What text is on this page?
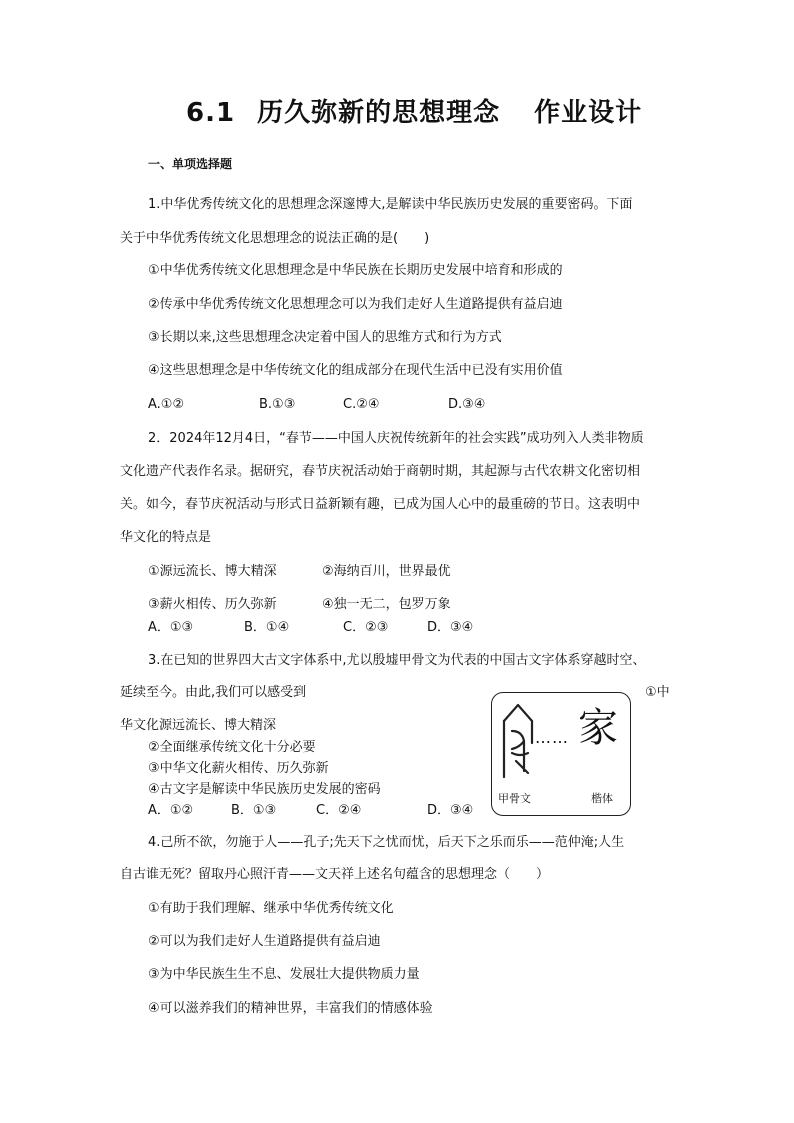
6.1 历久弥新的思想理念 作业设计
一、单项选择题
1.中华优秀传统文化的思想理念深邃博大,是解读中华民族历史发展的重要密码。下面
关于中华优秀传统文化思想理念的说法正确的是(　　)
①中华优秀传统文化思想理念是中华民族在长期历史发展中培育和形成的
②传承中华优秀传统文化思想理念可以为我们走好人生道路提供有益启迪
③长期以来,这些思想理念决定着中国人的思维方式和行为方式
④这些思想理念是中华传统文化的组成部分在现代生活中已没有实用价值
A.①②	B.①③	C.②④	D.③④
2．2024年12月4日，“春节——中国人庆祝传统新年的社会实践”成功列入人类非物质
文化遗产代表作名录。据研究，春节庆祝活动始于商朝时期，其起源与古代农耕文化密切相
关。如今，春节庆祝活动与形式日益新颖有趣，已成为国人心中的最重磅的节日。这表明中
华文化的特点是
①源远流长、博大精深	②海纳百川，世界最优
③薪火相传、历久弥新	④独一无二，包罗万象
A．①③	B．①④	C．②③	D．③④
3.在已知的世界四大古文字体系中,尤以殷墟甲骨文为代表的中国古文字体系穿越时空、
延续至今。由此,我们可以感受到	①中
华文化源远流长、博大精深
②全面继承传统文化十分必要
③中华文化薪火相传、历久弥新
④古文字是解读中华民族历史发展的密码
A．①②	B．①③	C．②④	D．③④
…… 家
甲骨文	楷体
4.己所不欲，勿施于人——孔子;先天下之忧而忧，后天下之乐而乐——范仲淹;人生
自古谁无死？留取丹心照汗青——文天祥上述名句蕴含的思想理念（　　）
①有助于我们理解、继承中华优秀传统文化
②可以为我们走好人生道路提供有益启迪
③为中华民族生生不息、发展壮大提供物质力量
④可以滋养我们的精神世界，丰富我们的情感体验
